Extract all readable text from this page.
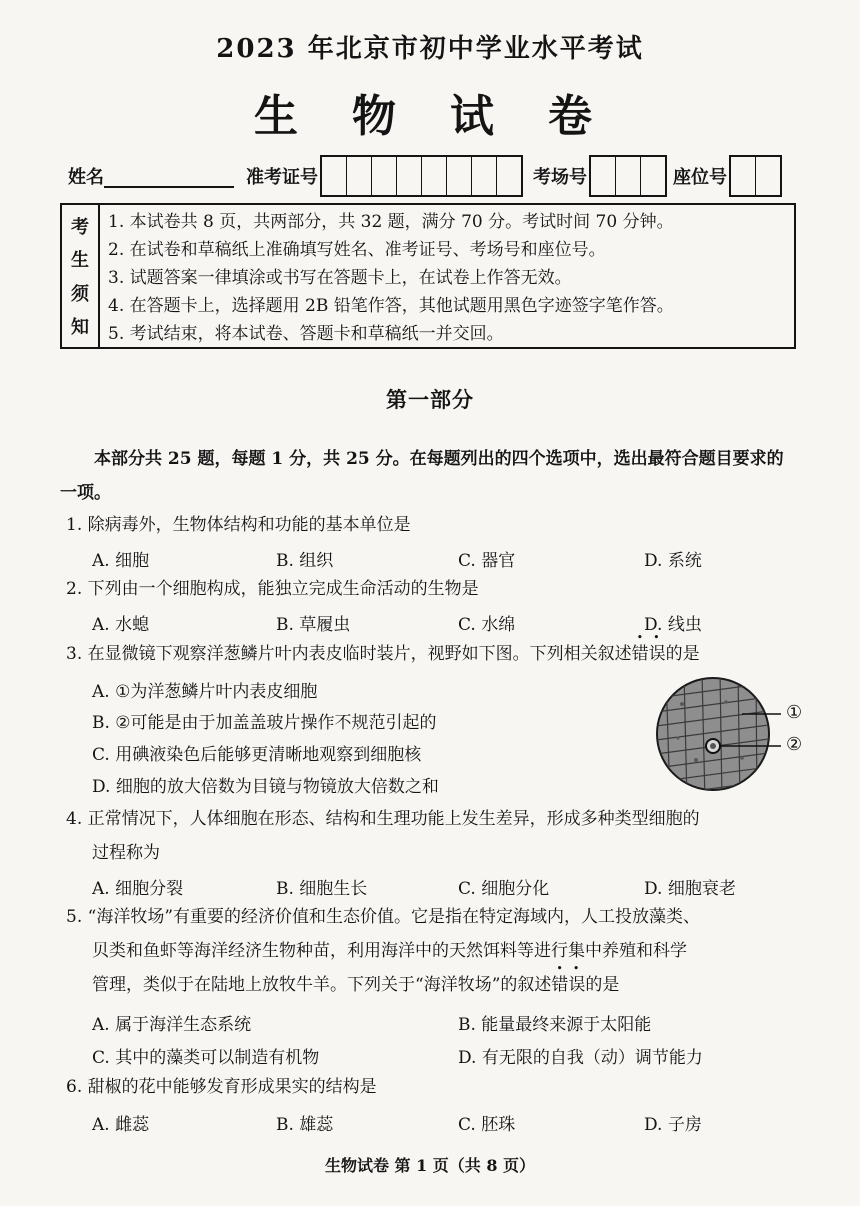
2023 年北京市初中学业水平考试
生物试卷
姓名	准考证号	考场号	座位号
考
生
须
知
1. 本试卷共 8 页，共两部分，共 32 题，满分 70 分。考试时间 70 分钟。
2. 在试卷和草稿纸上准确填写姓名、准考证号、考场号和座位号。
3. 试题答案一律填涂或书写在答题卡上，在试卷上作答无效。
4. 在答题卡上，选择题用 2B 铅笔作答，其他试题用黑色字迹签字笔作答。
5. 考试结束，将本试卷、答题卡和草稿纸一并交回。
第一部分
本部分共 25 题，每题 1 分，共 25 分。在每题列出的四个选项中，选出最符合题目要求的一项。
1. 除病毒外，生物体结构和功能的基本单位是
A. 细胞	B. 组织	C. 器官	D. 系统
2. 下列由一个细胞构成，能独立完成生命活动的生物是
A. 水螅	B. 草履虫	C. 水绵	D. 线虫
3. 在显微镜下观察洋葱鳞片叶内表皮临时装片，视野如下图。下列相关叙述错误 •  •的是
A. ①为洋葱鳞片叶内表皮细胞
B. ②可能是由于加盖盖玻片操作不规范引起的
C. 用碘液染色后能够更清晰地观察到细胞核
D. 细胞的放大倍数为目镜与物镜放大倍数之和
①
②
4. 正常情况下，人体细胞在形态、结构和生理功能上发生差异，形成多种类型细胞的
过程称为
A. 细胞分裂	B. 细胞生长	C. 细胞分化	D. 细胞衰老
5. “海洋牧场”有重要的经济价值和生态价值。它是指在特定海域内，人工投放藻类、
贝类和鱼虾等海洋经济生物种苗，利用海洋中的天然饵料等进行集中养殖和科学
管理，类似于在陆地上放牧牛羊。下列关于“海洋牧场”的叙述错误 •  •的是
A. 属于海洋生态系统	B. 能量最终来源于太阳能
C. 其中的藻类可以制造有机物	D. 有无限的自我（动）调节能力
6. 甜椒的花中能够发育形成果实的结构是
A. 雌蕊	B. 雄蕊	C. 胚珠	D. 子房
生物试卷 第 1 页（共 8 页）
